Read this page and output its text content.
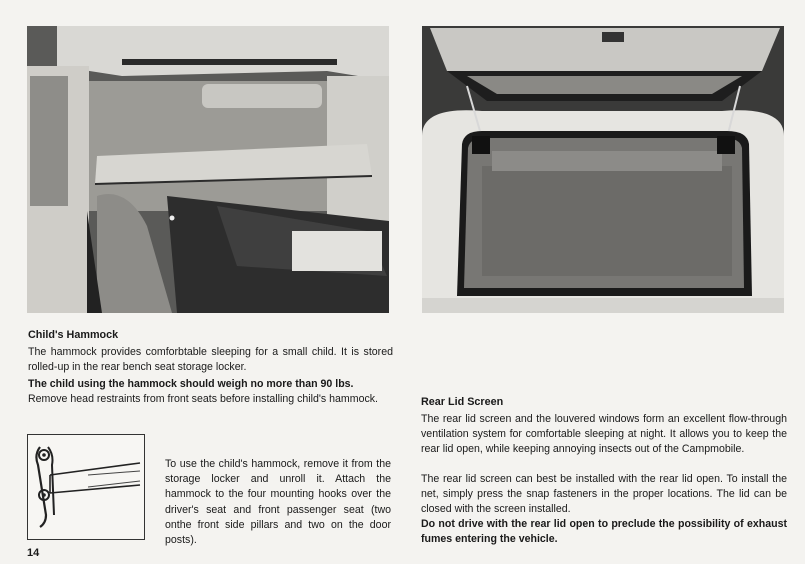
Child's Hammock
The hammock provides comforbtable sleeping for a small child. It is stored rolled-up in the rear bench seat storage locker.
The child using the hammock should weigh no more than 90 lbs.
Remove head restraints from front seats before installing child's hammock.
To use the child's hammock, remove it from the storage locker and unroll it. Attach the hammock to the four mounting hooks over the driver's seat and front passenger seat (two onthe front side pillars and two on the door posts).
14
Rear Lid Screen
The rear lid screen and the louvered windows form an excellent flow-through ventilation system for comfortable sleeping at night. It allows you to keep the rear lid open, while keeping annoying insects out of the Campmobile.
The rear lid screen can best be installed with the rear lid open. To install the net, simply press the snap fasteners in the proper locations. The lid can be closed with the screen installed.
Do not drive with the rear lid open to preclude the possibility of exhaust fumes entering the vehicle.
